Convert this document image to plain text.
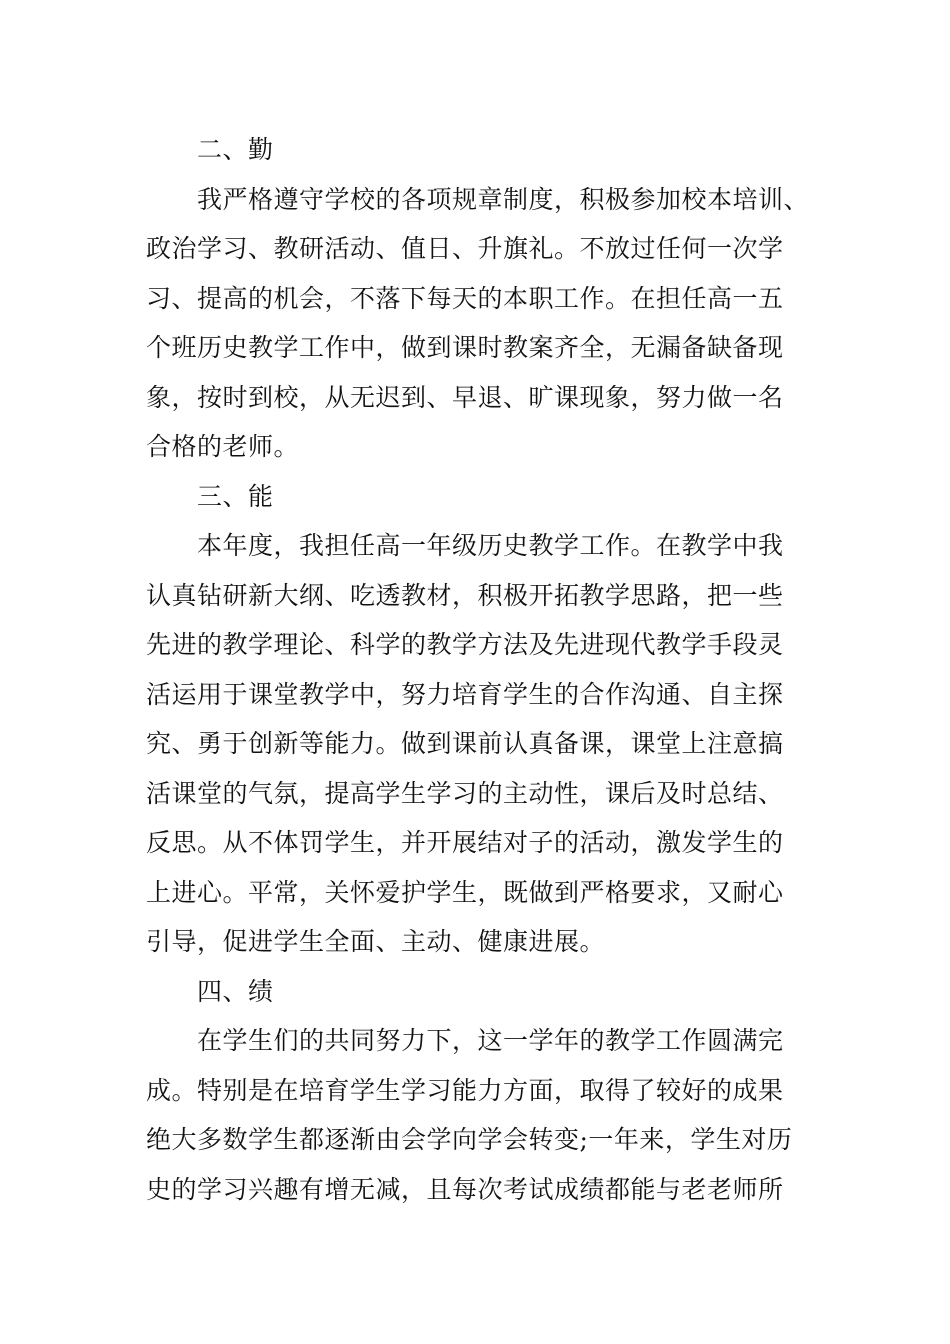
二、勤
我严格遵守学校的各项规章制度，积极参加校本培训、
政治学习、教研活动、值日、升旗礼。不放过任何一次学
习、提高的机会，不落下每天的本职工作。在担任高一五
个班历史教学工作中，做到课时教案齐全，无漏备缺备现
象，按时到校，从无迟到、早退、旷课现象，努力做一名
合格的老师。
三、能
本年度，我担任高一年级历史教学工作。在教学中我
认真钻研新大纲、吃透教材，积极开拓教学思路，把一些
先进的教学理论、科学的教学方法及先进现代教学手段灵
活运用于课堂教学中，努力培育学生的合作沟通、自主探
究、勇于创新等能力。做到课前认真备课，课堂上注意搞
活课堂的气氛，提高学生学习的主动性，课后及时总结、
反思。从不体罚学生，并开展结对子的活动，激发学生的
上进心。平常，关怀爱护学生，既做到严格要求，又耐心
引导，促进学生全面、主动、健康进展。
四、绩
在学生们的共同努力下，这一学年的教学工作圆满完
成。特别是在培育学生学习能力方面，取得了较好的成果
绝大多数学生都逐渐由会学向学会转变;一年来，学生对历
史的学习兴趣有增无减，且每次考试成绩都能与老老师所
